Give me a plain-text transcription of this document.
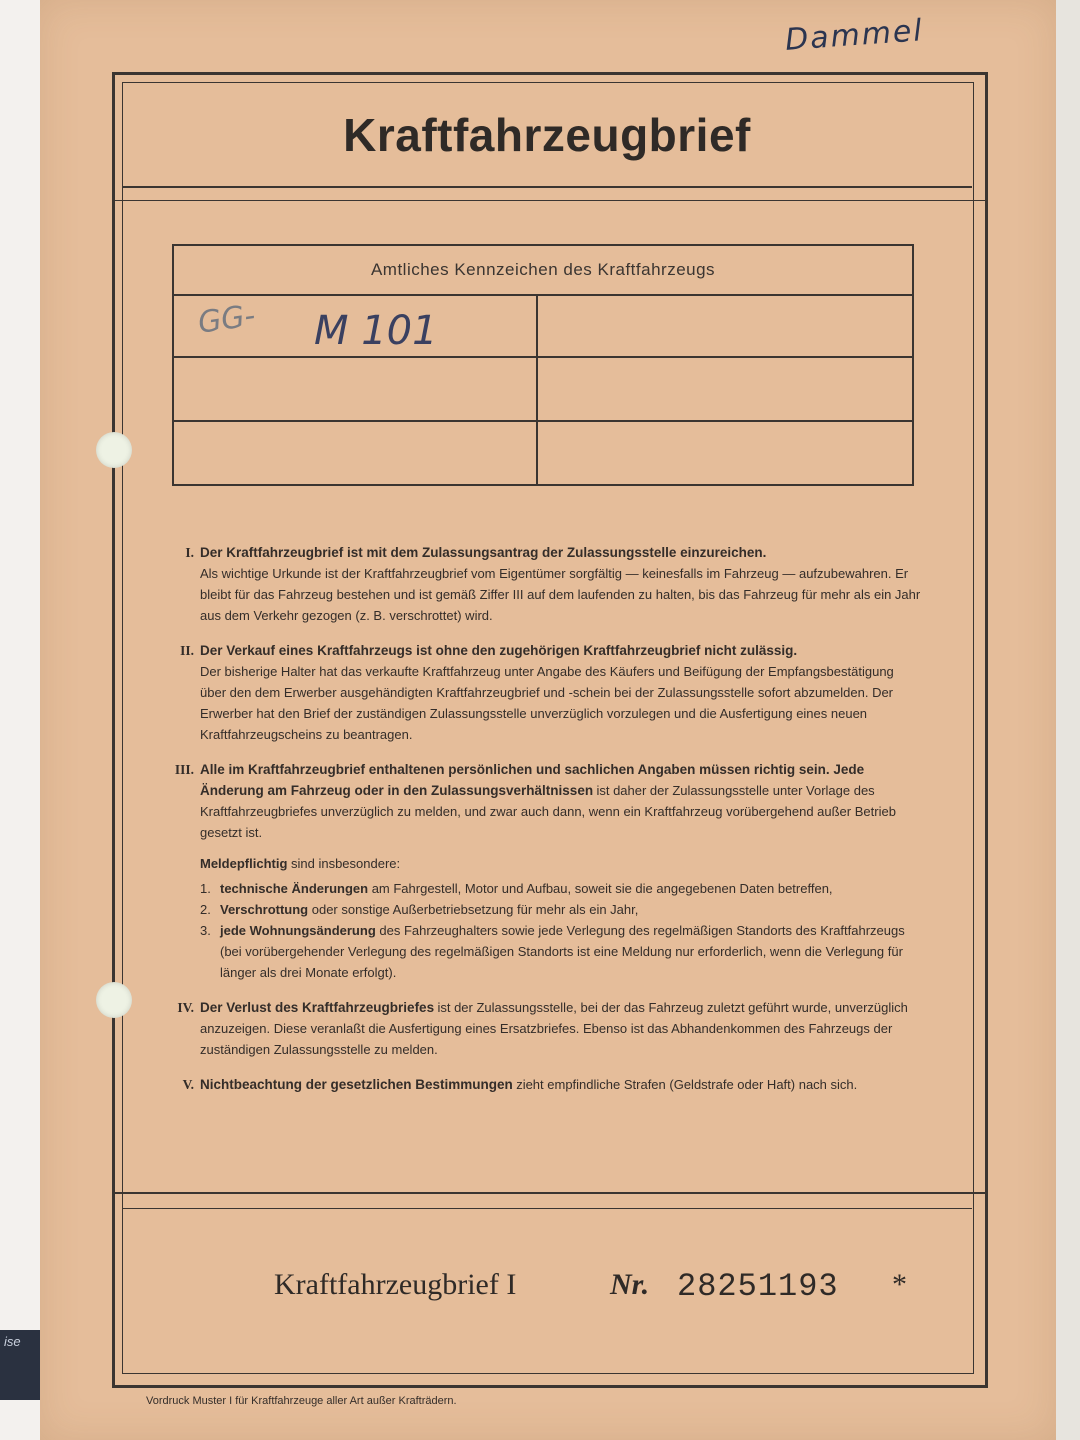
ise
Dammel
Kraftfahrzeugbrief
Amtliches Kennzeichen des Kraftfahrzeugs
GG- M 101
I. Der Kraftfahrzeugbrief ist mit dem Zulassungsantrag der Zulassungsstelle einzureichen.
Als wichtige Urkunde ist der Kraftfahrzeugbrief vom Eigentümer sorgfältig — keinesfalls im Fahrzeug — aufzubewahren. Er bleibt für das Fahrzeug bestehen und ist gemäß Ziffer III auf dem laufenden zu halten, bis das Fahrzeug für mehr als ein Jahr aus dem Verkehr gezogen (z. B. verschrottet) wird.
II. Der Verkauf eines Kraftfahrzeugs ist ohne den zugehörigen Kraftfahrzeugbrief nicht zulässig.
Der bisherige Halter hat das verkaufte Kraftfahrzeug unter Angabe des Käufers und Beifügung der Empfangsbestätigung über den dem Erwerber ausgehändigten Kraftfahrzeugbrief und -schein bei der Zulassungsstelle sofort abzumelden. Der Erwerber hat den Brief der zuständigen Zulassungsstelle unverzüglich vorzulegen und die Ausfertigung eines neuen Kraftfahrzeugscheins zu beantragen.
III. Alle im Kraftfahrzeugbrief enthaltenen persönlichen und sachlichen Angaben müssen richtig sein. Jede Änderung am Fahrzeug oder in den Zulassungsverhältnissen ist daher der Zulassungsstelle unter Vorlage des Kraftfahrzeugbriefes unverzüglich zu melden, und zwar auch dann, wenn ein Kraftfahrzeug vorübergehend außer Betrieb gesetzt ist.
Meldepflichtig sind insbesondere:
1. technische Änderungen am Fahrgestell, Motor und Aufbau, soweit sie die angegebenen Daten betreffen,
2. Verschrottung oder sonstige Außerbetriebsetzung für mehr als ein Jahr,
3. jede Wohnungsänderung des Fahrzeughalters sowie jede Verlegung des regelmäßigen Standorts des Kraftfahrzeugs (bei vorübergehender Verlegung des regelmäßigen Standorts ist eine Meldung nur erforderlich, wenn die Verlegung für länger als drei Monate erfolgt).
IV. Der Verlust des Kraftfahrzeugbriefes ist der Zulassungsstelle, bei der das Fahrzeug zuletzt geführt wurde, unverzüglich anzuzeigen. Diese veranlaßt die Ausfertigung eines Ersatzbriefes. Ebenso ist das Abhandenkommen des Fahrzeugs der zuständigen Zulassungsstelle zu melden.
V. Nichtbeachtung der gesetzlichen Bestimmungen zieht empfindliche Strafen (Geldstrafe oder Haft) nach sich.
Kraftfahrzeugbrief I	Nr. 28251193 *
Vordruck Muster I für Kraftfahrzeuge aller Art außer Krafträdern.
